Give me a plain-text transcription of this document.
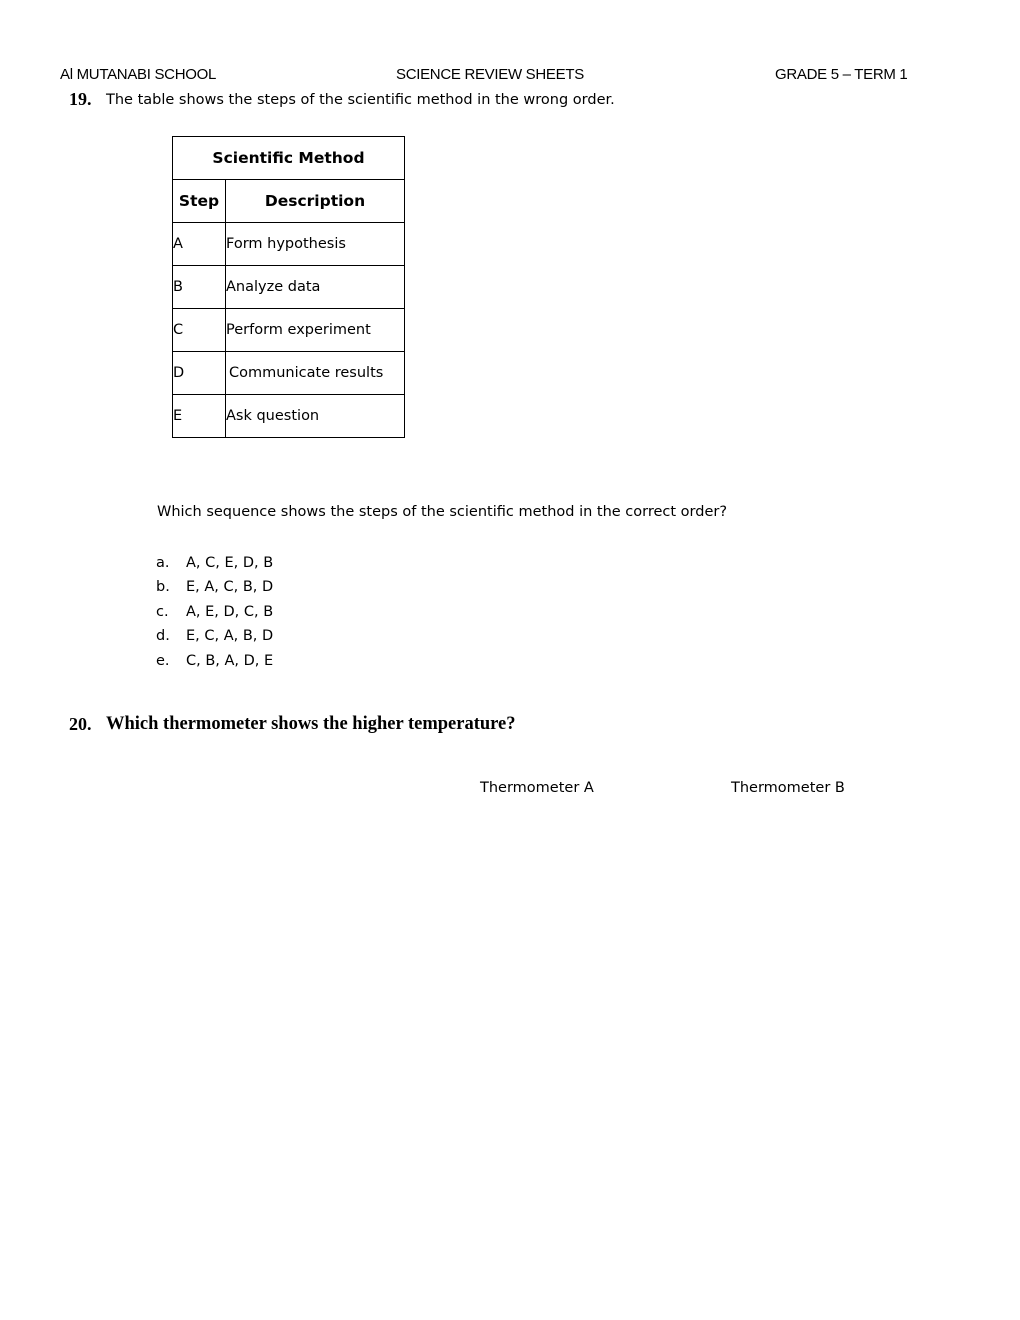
Al MUTANABI SCHOOL	SCIENCE REVIEW SHEETS	GRADE 5 – TERM 1
19. The table shows the steps of the scientific method in the wrong order.
Scientific Method	
Step	Description
A	Form hypothesis
B	Analyze data
C	Perform experiment
D	Communicate results
E	Ask question
Which sequence shows the steps of the scientific method in the correct order?
a. A, C, E, D, B
b. E, A, C, B, D
c. A, E, D, C, B
d. E, C, A, B, D
e. C, B, A, D, E
20. Which thermometer shows the higher temperature?
Thermometer A	Thermometer B
